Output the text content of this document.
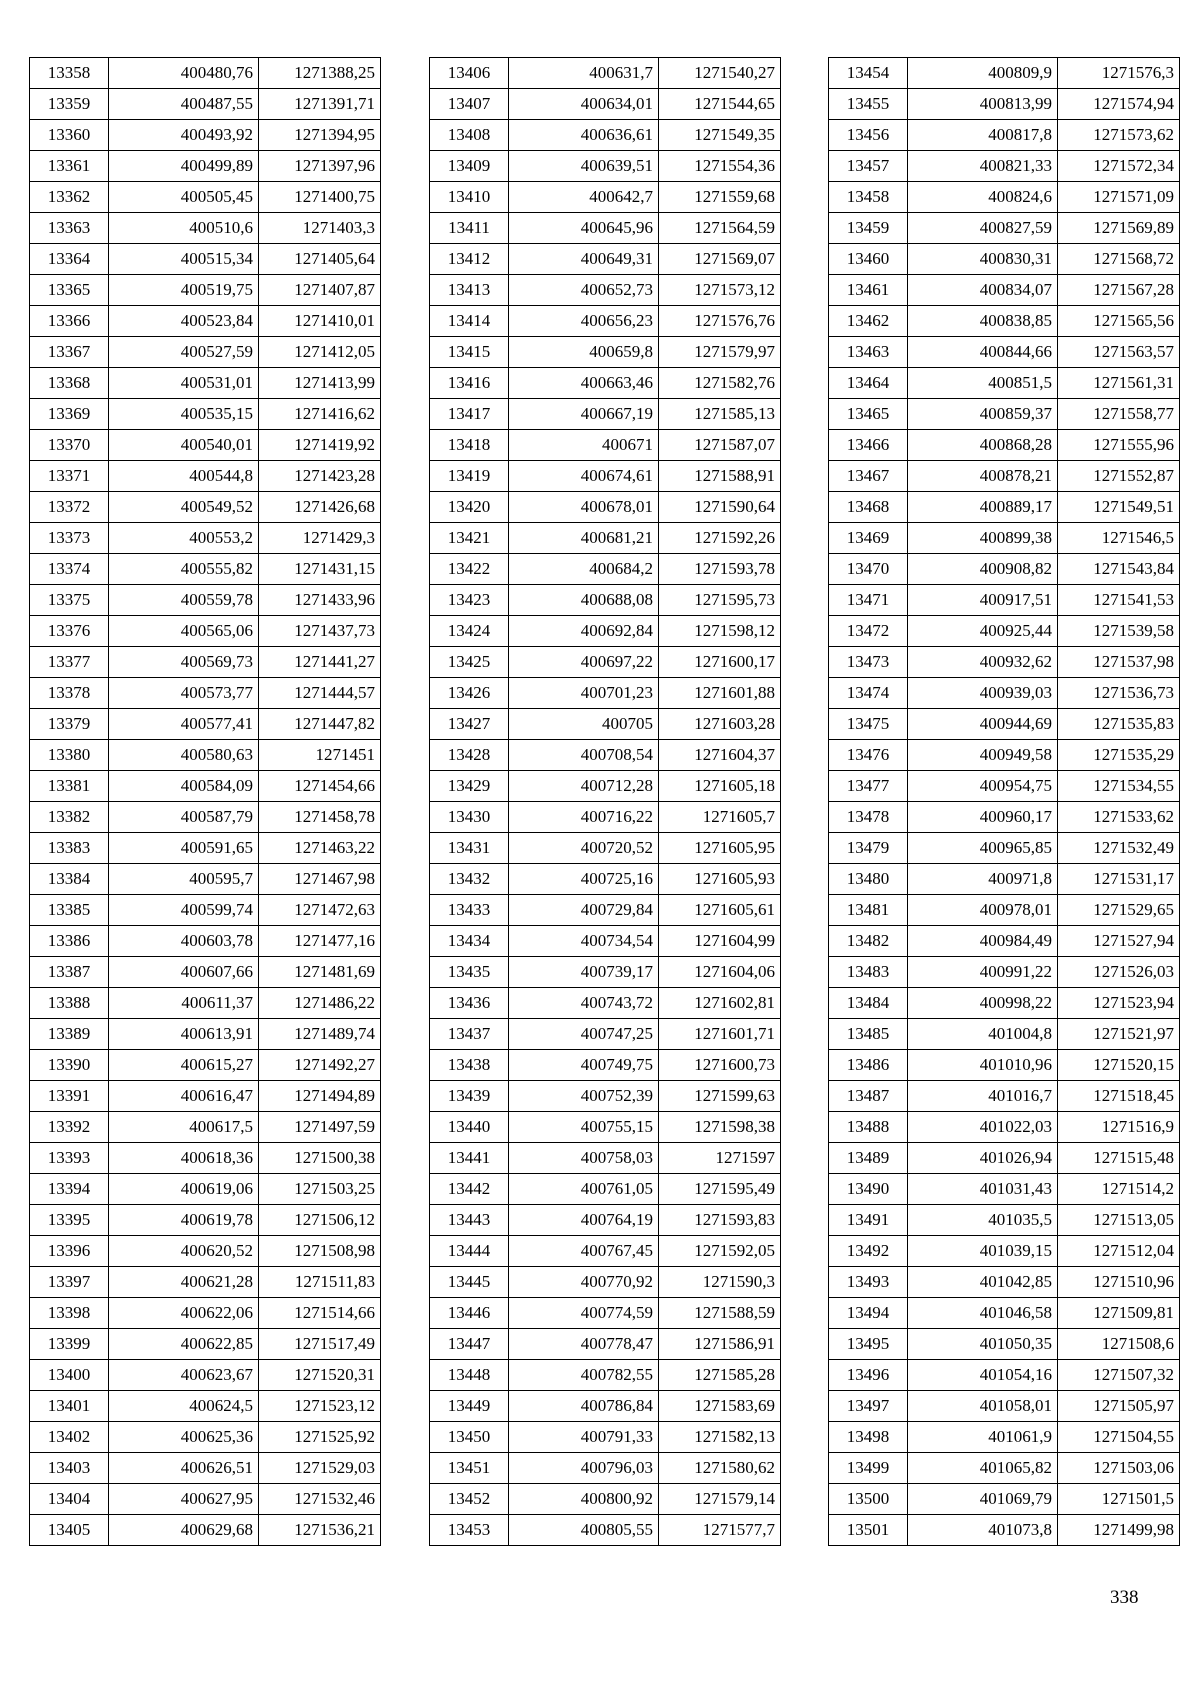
13358	400480,76	1271388,25
13359	400487,55	1271391,71
13360	400493,92	1271394,95
13361	400499,89	1271397,96
13362	400505,45	1271400,75
13363	400510,6	1271403,3
13364	400515,34	1271405,64
13365	400519,75	1271407,87
13366	400523,84	1271410,01
13367	400527,59	1271412,05
13368	400531,01	1271413,99
13369	400535,15	1271416,62
13370	400540,01	1271419,92
13371	400544,8	1271423,28
13372	400549,52	1271426,68
13373	400553,2	1271429,3
13374	400555,82	1271431,15
13375	400559,78	1271433,96
13376	400565,06	1271437,73
13377	400569,73	1271441,27
13378	400573,77	1271444,57
13379	400577,41	1271447,82
13380	400580,63	1271451
13381	400584,09	1271454,66
13382	400587,79	1271458,78
13383	400591,65	1271463,22
13384	400595,7	1271467,98
13385	400599,74	1271472,63
13386	400603,78	1271477,16
13387	400607,66	1271481,69
13388	400611,37	1271486,22
13389	400613,91	1271489,74
13390	400615,27	1271492,27
13391	400616,47	1271494,89
13392	400617,5	1271497,59
13393	400618,36	1271500,38
13394	400619,06	1271503,25
13395	400619,78	1271506,12
13396	400620,52	1271508,98
13397	400621,28	1271511,83
13398	400622,06	1271514,66
13399	400622,85	1271517,49
13400	400623,67	1271520,31
13401	400624,5	1271523,12
13402	400625,36	1271525,92
13403	400626,51	1271529,03
13404	400627,95	1271532,46
13405	400629,68	1271536,21
13406	400631,7	1271540,27
13407	400634,01	1271544,65
13408	400636,61	1271549,35
13409	400639,51	1271554,36
13410	400642,7	1271559,68
13411	400645,96	1271564,59
13412	400649,31	1271569,07
13413	400652,73	1271573,12
13414	400656,23	1271576,76
13415	400659,8	1271579,97
13416	400663,46	1271582,76
13417	400667,19	1271585,13
13418	400671	1271587,07
13419	400674,61	1271588,91
13420	400678,01	1271590,64
13421	400681,21	1271592,26
13422	400684,2	1271593,78
13423	400688,08	1271595,73
13424	400692,84	1271598,12
13425	400697,22	1271600,17
13426	400701,23	1271601,88
13427	400705	1271603,28
13428	400708,54	1271604,37
13429	400712,28	1271605,18
13430	400716,22	1271605,7
13431	400720,52	1271605,95
13432	400725,16	1271605,93
13433	400729,84	1271605,61
13434	400734,54	1271604,99
13435	400739,17	1271604,06
13436	400743,72	1271602,81
13437	400747,25	1271601,71
13438	400749,75	1271600,73
13439	400752,39	1271599,63
13440	400755,15	1271598,38
13441	400758,03	1271597
13442	400761,05	1271595,49
13443	400764,19	1271593,83
13444	400767,45	1271592,05
13445	400770,92	1271590,3
13446	400774,59	1271588,59
13447	400778,47	1271586,91
13448	400782,55	1271585,28
13449	400786,84	1271583,69
13450	400791,33	1271582,13
13451	400796,03	1271580,62
13452	400800,92	1271579,14
13453	400805,55	1271577,7
13454	400809,9	1271576,3
13455	400813,99	1271574,94
13456	400817,8	1271573,62
13457	400821,33	1271572,34
13458	400824,6	1271571,09
13459	400827,59	1271569,89
13460	400830,31	1271568,72
13461	400834,07	1271567,28
13462	400838,85	1271565,56
13463	400844,66	1271563,57
13464	400851,5	1271561,31
13465	400859,37	1271558,77
13466	400868,28	1271555,96
13467	400878,21	1271552,87
13468	400889,17	1271549,51
13469	400899,38	1271546,5
13470	400908,82	1271543,84
13471	400917,51	1271541,53
13472	400925,44	1271539,58
13473	400932,62	1271537,98
13474	400939,03	1271536,73
13475	400944,69	1271535,83
13476	400949,58	1271535,29
13477	400954,75	1271534,55
13478	400960,17	1271533,62
13479	400965,85	1271532,49
13480	400971,8	1271531,17
13481	400978,01	1271529,65
13482	400984,49	1271527,94
13483	400991,22	1271526,03
13484	400998,22	1271523,94
13485	401004,8	1271521,97
13486	401010,96	1271520,15
13487	401016,7	1271518,45
13488	401022,03	1271516,9
13489	401026,94	1271515,48
13490	401031,43	1271514,2
13491	401035,5	1271513,05
13492	401039,15	1271512,04
13493	401042,85	1271510,96
13494	401046,58	1271509,81
13495	401050,35	1271508,6
13496	401054,16	1271507,32
13497	401058,01	1271505,97
13498	401061,9	1271504,55
13499	401065,82	1271503,06
13500	401069,79	1271501,5
13501	401073,8	1271499,98
338
